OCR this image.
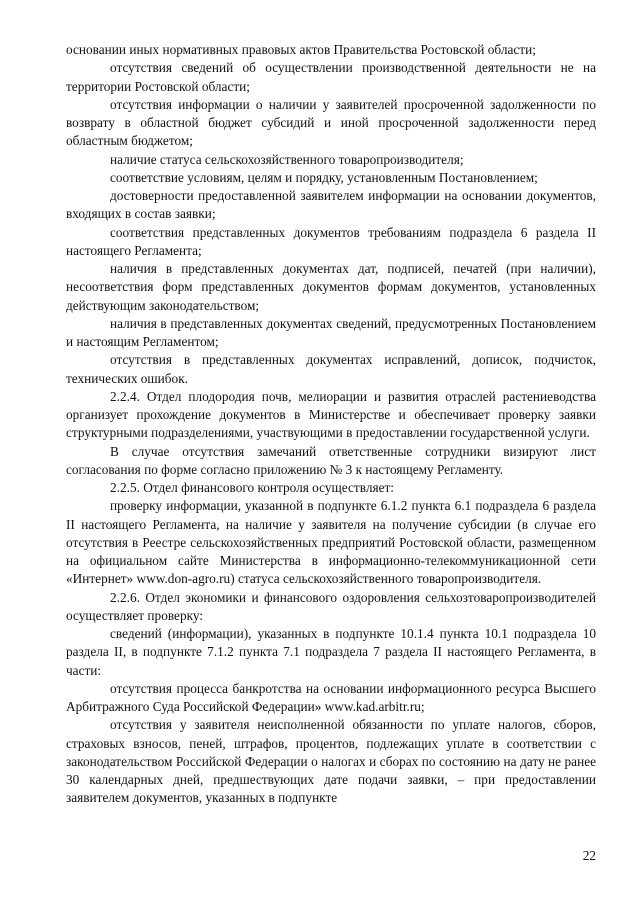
основании иных нормативных правовых актов Правительства Ростовской области;

отсутствия сведений об осуществлении производственной деятельности не на территории Ростовской области;

отсутствия информации о наличии у заявителей просроченной задолженности по возврату в областной бюджет субсидий и иной просроченной задолженности перед областным бюджетом;

наличие статуса сельскохозяйственного товаропроизводителя;

соответствие условиям, целям и порядку, установленным Постановлением;

достоверности предоставленной заявителем информации на основании документов, входящих в состав заявки;

соответствия представленных документов требованиям подраздела 6 раздела II настоящего Регламента;

наличия в представленных документах дат, подписей, печатей (при наличии), несоответствия форм представленных документов формам документов, установленных действующим законодательством;

наличия в представленных документах сведений, предусмотренных Постановлением и настоящим Регламентом;

отсутствия в представленных документах исправлений, дописок, подчисток, технических ошибок.

2.2.4. Отдел плодородия почв, мелиорации и развития отраслей растениеводства организует прохождение документов в Министерстве и обеспечивает проверку заявки структурными подразделениями, участвующими в предоставлении государственной услуги.

В случае отсутствия замечаний ответственные сотрудники визируют лист согласования по форме согласно приложению № 3 к настоящему Регламенту.

2.2.5. Отдел финансового контроля осуществляет:

проверку информации, указанной в подпункте 6.1.2 пункта 6.1 подраздела 6 раздела II настоящего Регламента, на наличие у заявителя на получение субсидии (в случае его отсутствия в Реестре сельскохозяйственных предприятий Ростовской области, размещенном на официальном сайте Министерства в информационно-телекоммуникационной сети «Интернет» www.don-agro.ru) статуса сельскохозяйственного товаропроизводителя.

2.2.6. Отдел экономики и финансового оздоровления сельхозтоваропроизводителей осуществляет проверку:

сведений (информации), указанных в подпункте 10.1.4 пункта 10.1 подраздела 10 раздела II, в подпункте 7.1.2 пункта 7.1 подраздела 7 раздела II настоящего Регламента, в части:

отсутствия процесса банкротства на основании информационного ресурса Высшего Арбитражного Суда Российской Федерации» www.kad.arbitr.ru;

отсутствия у заявителя неисполненной обязанности по уплате налогов, сборов, страховых взносов, пеней, штрафов, процентов, подлежащих уплате в соответствии с законодательством Российской Федерации о налогах и сборах по состоянию на дату не ранее 30 календарных дней, предшествующих дате подачи заявки, – при предоставлении заявителем документов, указанных в подпункте

22
